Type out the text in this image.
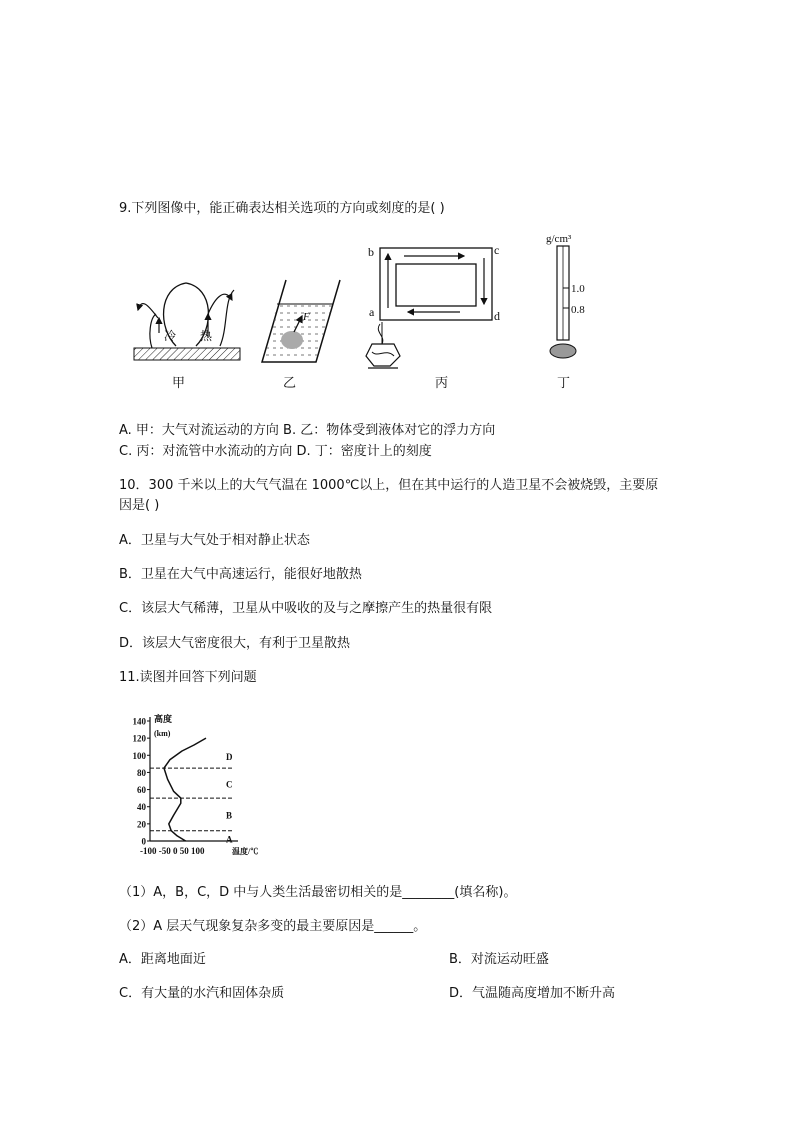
9.下列图像中，能正确表达相关选项的方向或刻度的是( )
冷 热
甲
F
乙
b	c
a	d
丙
g/cm³
1.0
0.8
丁
A. 甲：大气对流运动的方向 B. 乙：物体受到液体对它的浮力方向
C. 丙：对流管中水流动的方向 D. 丁：密度计上的刻度
10．300 千米以上的大气气温在 1000℃以上，但在其中运行的人造卫星不会被烧毁，主要原
因是( )
A．卫星与大气处于相对静止状态
B．卫星在大气中高速运行，能很好地散热
C．该层大气稀薄，卫星从中吸收的及与之摩擦产生的热量很有限
D．该层大气密度很大，有利于卫星散热
11.读图并回答下列问题
140
120
100
80
60
40
20
0	A
B
C
D
高度
(km)
-100 -50 0 50 100	温度/℃
（1）A，B，C，D 中与人类生活最密切相关的是________(填名称)。
（2）A 层天气现象复杂多变的最主要原因是______。
A．距离地面近	B．对流运动旺盛
C．有大量的水汽和固体杂质	D．气温随高度增加不断升高
